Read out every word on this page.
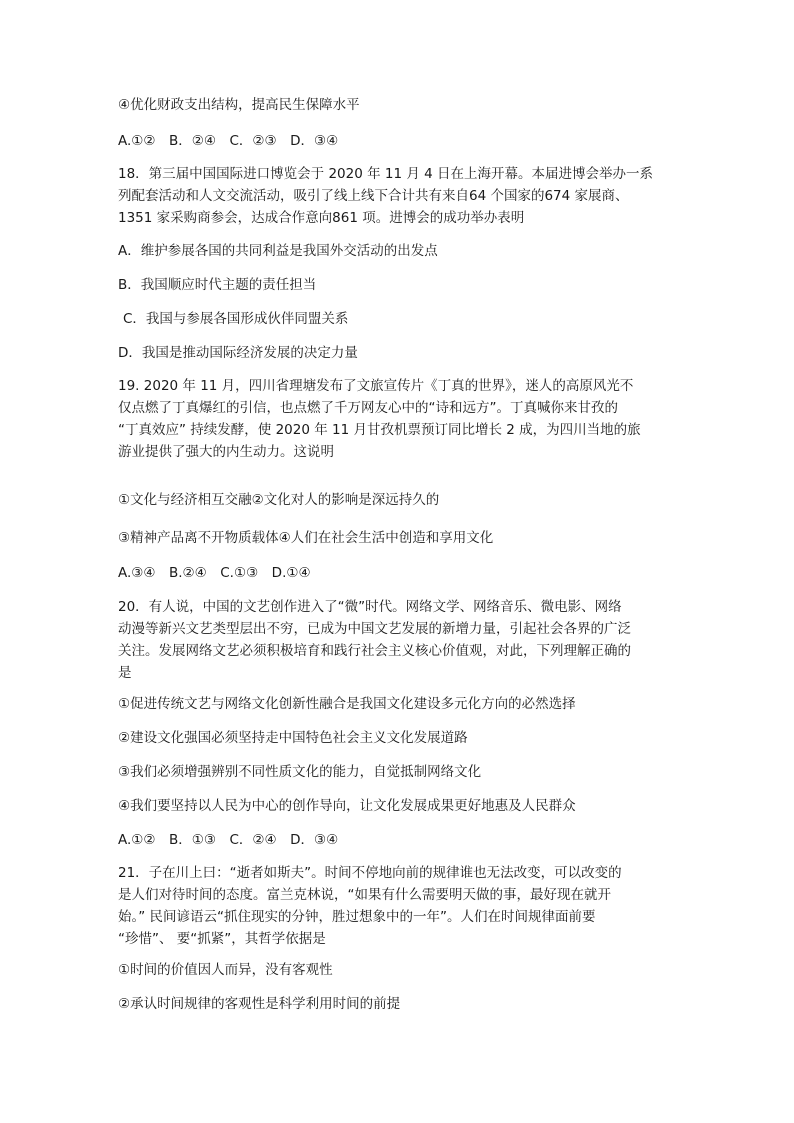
④优化财政支出结构，提高民生保障水平
A.①②　B．②④　C．②③　D．③④
18．第三届中国国际进口博览会于 2020 年 11 月 4 日在上海开幕。本届进博会举办一系
列配套活动和人文交流活动，吸引了线上线下合计共有来自64 个国家的674 家展商、
1351 家采购商参会，达成合作意向861 项。进博会的成功举办表明
A．维护参展各国的共同利益是我国外交活动的出发点
B．我国顺应时代主题的责任担当
C．我国与参展各国形成伙伴同盟关系
D．我国是推动国际经济发展的决定力量
19. 2020 年 11 月，四川省理塘发布了文旅宣传片《丁真的世界》，迷人的高原风光不
仅点燃了丁真爆红的引信，也点燃了千万网友心中的“诗和远方”。丁真喊你来甘孜的
“丁真效应” 持续发酵，使 2020 年 11 月甘孜机票预订同比增长 2 成，为四川当地的旅
游业提供了强大的内生动力。这说明
①文化与经济相互交融②文化对人的影响是深远持久的
③精神产品离不开物质载体④人们在社会生活中创造和享用文化
A.③④　B.②④　C.①③　D.①④
20．有人说，中国的文艺创作进入了“微”时代。网络文学、网络音乐、微电影、网络
动漫等新兴文艺类型层出不穷，已成为中国文艺发展的新增力量，引起社会各界的广泛
关注。发展网络文艺必须积极培育和践行社会主义核心价值观，对此，下列理解正确的
是
①促进传统文艺与网络文化创新性融合是我国文化建设多元化方向的必然选择
②建设文化强国必须坚持走中国特色社会主义文化发展道路
③我们必须增强辨别不同性质文化的能力，自觉抵制网络文化
④我们要坚持以人民为中心的创作导向，让文化发展成果更好地惠及人民群众
A.①②　B．①③　C．②④　D．③④
21．子在川上曰：“逝者如斯夫”。时间不停地向前的规律谁也无法改变，可以改变的
是人们对待时间的态度。富兰克林说，“如果有什么需要明天做的事，最好现在就开
始。” 民间谚语云“抓住现实的分钟，胜过想象中的一年”。人们在时间规律面前要
“珍惜”、 要“抓紧”，其哲学依据是
①时间的价值因人而异，没有客观性
②承认时间规律的客观性是科学利用时间的前提
